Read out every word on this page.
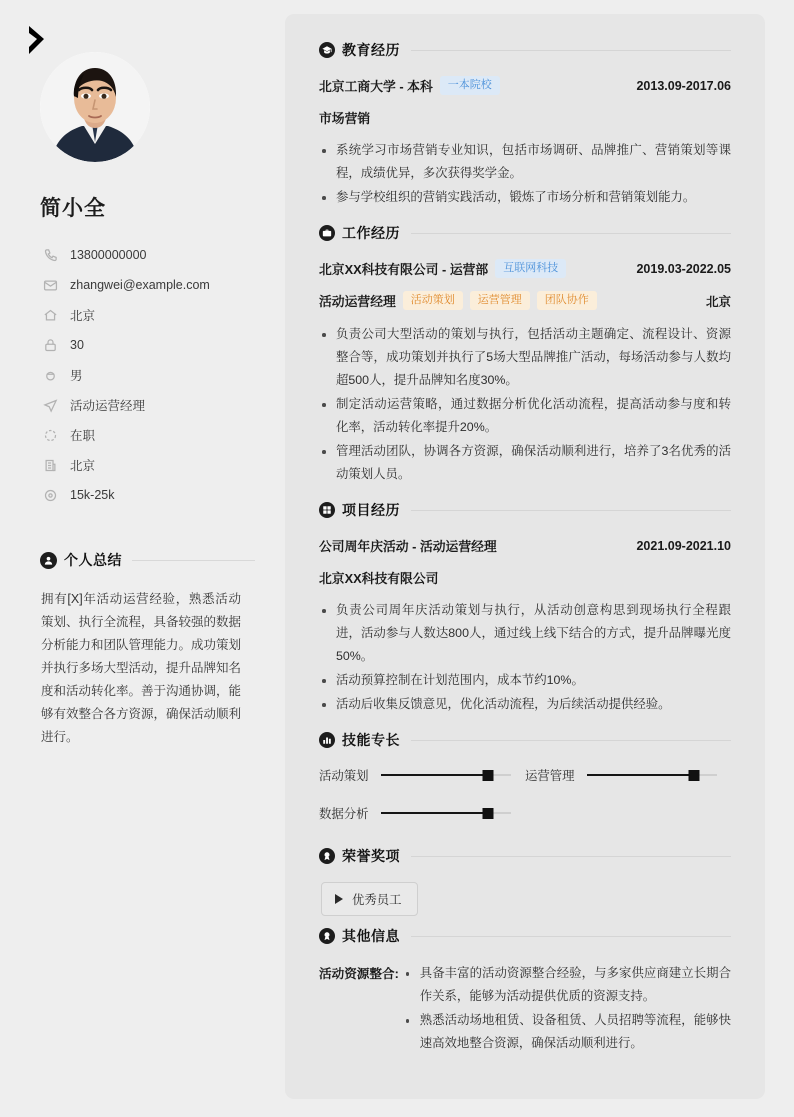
简小全
13800000000
zhangwei@example.com
北京
30
男
活动运营经理
在职
北京
15k-25k
个人总结

拥有[X]年活动运营经验，熟悉活动策划、执行全流程，具备较强的数据分析能力和团队管理能力。成功策划并执行多场大型活动，提升品牌知名度和活动转化率。善于沟通协调，能够有效整合各方资源，确保活动顺利进行。

教育经历
北京工商大学 - 本科	一本院校	2013.09-2017.06
市场营销
系统学习市场营销专业知识，包括市场调研、品牌推广、营销策划等课程，成绩优异，多次获得奖学金。
参与学校组织的营销实践活动，锻炼了市场分析和营销策划能力。
工作经历
北京XX科技有限公司 - 运营部	互联网科技	2019.03-2022.05
活动运营经理	活动策划	运营管理	团队协作	北京
负责公司大型活动的策划与执行，包括活动主题确定、流程设计、资源整合等，成功策划并执行了5场大型品牌推广活动，每场活动参与人数均超500人，提升品牌知名度30%。
制定活动运营策略，通过数据分析优化活动流程，提高活动参与度和转化率，活动转化率提升20%。
管理活动团队，协调各方资源，确保活动顺利进行，培养了3名优秀的活动策划人员。
项目经历
公司周年庆活动 - 活动运营经理	2021.09-2021.10
北京XX科技有限公司
负责公司周年庆活动策划与执行，从活动创意构思到现场执行全程跟进，活动参与人数达800人，通过线上线下结合的方式，提升品牌曝光度50%。
活动预算控制在计划范围内，成本节约10%。
活动后收集反馈意见，优化活动流程，为后续活动提供经验。
技能专长
活动策划	运营管理
数据分析
荣誉奖项
优秀员工
其他信息
活动资源整合:	具备丰富的活动资源整合经验，与多家供应商建立长期合作关系，能够为活动提供优质的资源支持。
熟悉活动场地租赁、设备租赁、人员招聘等流程，能够快速高效地整合资源，确保活动顺利进行。
